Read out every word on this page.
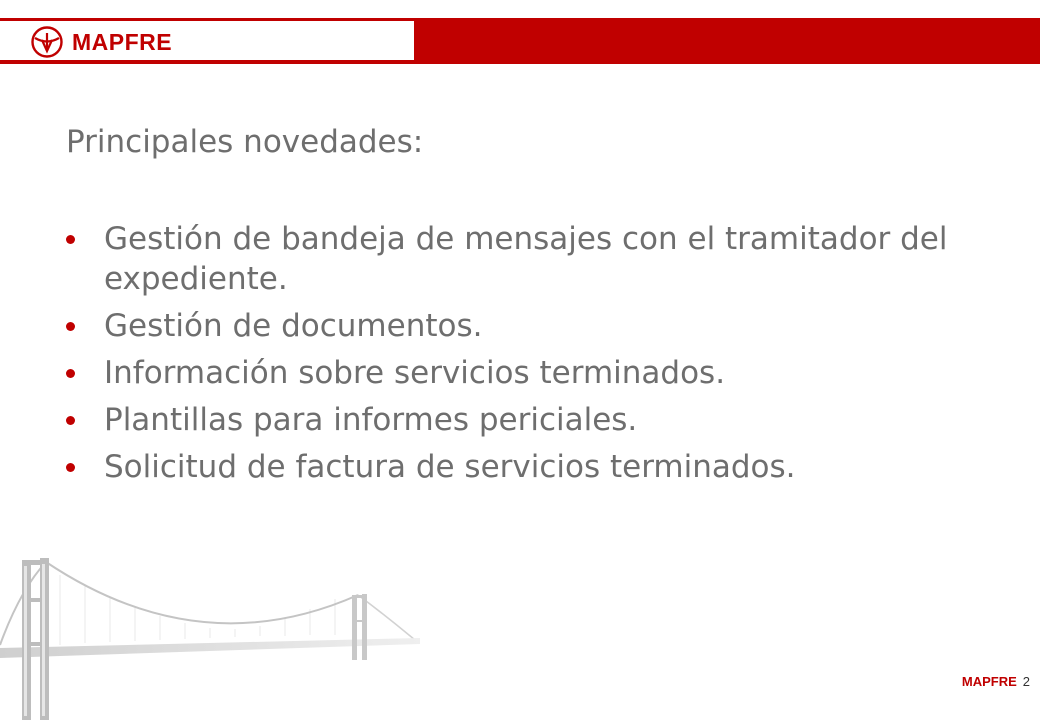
MAPFRE
Principales novedades:
Gestión de bandeja de mensajes con el tramitador del expediente.
Gestión de documentos.
Información sobre servicios terminados.
Plantillas para informes periciales.
Solicitud de factura de servicios terminados.
MAPFRE 2
